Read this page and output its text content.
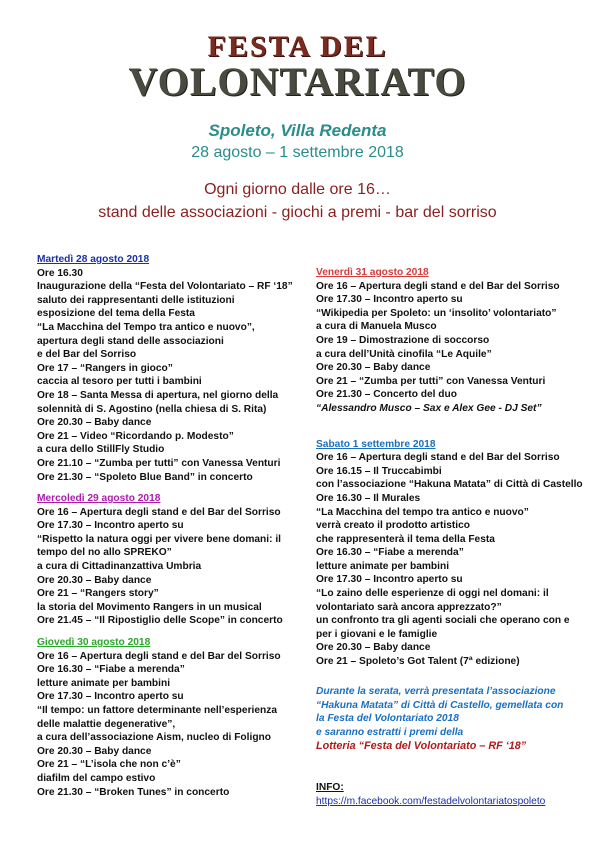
FESTA DEL
VOLONTARIATO
Spoleto, Villa Redenta
28 agosto – 1 settembre 2018
Ogni giorno dalle ore 16…
stand delle associazioni - giochi a premi - bar del sorriso

Martedì 28 agosto 2018

Ore 16.30

Inaugurazione della “Festa del Volontariato – RF ‘18”

saluto dei rappresentanti delle istituzioni

esposizione del tema della Festa

“La Macchina del Tempo tra antico e nuovo”,

apertura degli stand delle associazioni

e del Bar del Sorriso

Ore 17 – “Rangers in gioco”

caccia al tesoro per tutti i bambini

Ore 18 – Santa Messa di apertura, nel giorno della

solennità di S. Agostino (nella chiesa di S. Rita)

Ore 20.30 – Baby dance

Ore 21 – Video “Ricordando p. Modesto”

a cura dello StillFly Studio

Ore 21.10 – “Zumba per tutti” con Vanessa Venturi

Ore 21.30 – “Spoleto Blue Band” in concerto

Mercoledì 29 agosto 2018

Ore 16 – Apertura degli stand e del Bar del Sorriso

Ore 17.30 – Incontro aperto su

“Rispetto la natura oggi per vivere bene domani: il

tempo del no allo SPREKO”

a cura di Cittadinanzattiva Umbria

Ore 20.30 – Baby dance

Ore 21 – “Rangers story”

la storia del Movimento Rangers in un musical

Ore 21.45 – “Il Ripostiglio delle Scope” in concerto

Giovedì 30 agosto 2018

Ore 16 – Apertura degli stand e del Bar del Sorriso

Ore 16.30 – “Fiabe a merenda”

letture animate per bambini

Ore 17.30 – Incontro aperto su

“Il tempo: un fattore determinante nell’esperienza

delle malattie degenerative”,

a cura dell’associazione Aism, nucleo di Foligno

Ore 20.30 – Baby dance

Ore 21 – “L’isola che non c’è”

diafilm del campo estivo

Ore 21.30 – “Broken Tunes” in concerto

Venerdì 31 agosto 2018

Ore 16 – Apertura degli stand e del Bar del Sorriso

Ore 17.30 – Incontro aperto su

“Wikipedia per Spoleto: un ‘insolito’ volontariato”

a cura di Manuela Musco

Ore 19 – Dimostrazione di soccorso

a cura dell’Unità cinofila “Le Aquile”

Ore 20.30 – Baby dance

Ore 21 – “Zumba per tutti” con Vanessa Venturi

Ore 21.30 – Concerto del duo

“Alessandro Musco – Sax e Alex Gee - DJ Set”

Sabato 1 settembre 2018

Ore 16 – Apertura degli stand e del Bar del Sorriso

Ore 16.15 – Il Truccabimbi

con l’associazione “Hakuna Matata” di Città di Castello

Ore 16.30 – Il Murales

“La Macchina del tempo tra antico e nuovo”

verrà creato il prodotto artistico

che rappresenterà il tema della Festa

Ore 16.30 – “Fiabe a merenda”

letture animate per bambini

Ore 17.30 – Incontro aperto su

“Lo zaino delle esperienze di oggi nel domani: il

volontariato sarà ancora apprezzato?”

un confronto tra gli agenti sociali che operano con e

per i giovani e le famiglie

Ore 20.30 – Baby dance

Ore 21 – Spoleto’s Got Talent (7ª edizione)

Durante la serata, verrà presentata l’associazione

“Hakuna Matata” di Città di Castello, gemellata con

la Festa del Volontariato 2018

e saranno estratti i premi della

Lotteria “Festa del Volontariato – RF ‘18”
INFO:
https://m.facebook.com/festadelvolontariatospoleto
